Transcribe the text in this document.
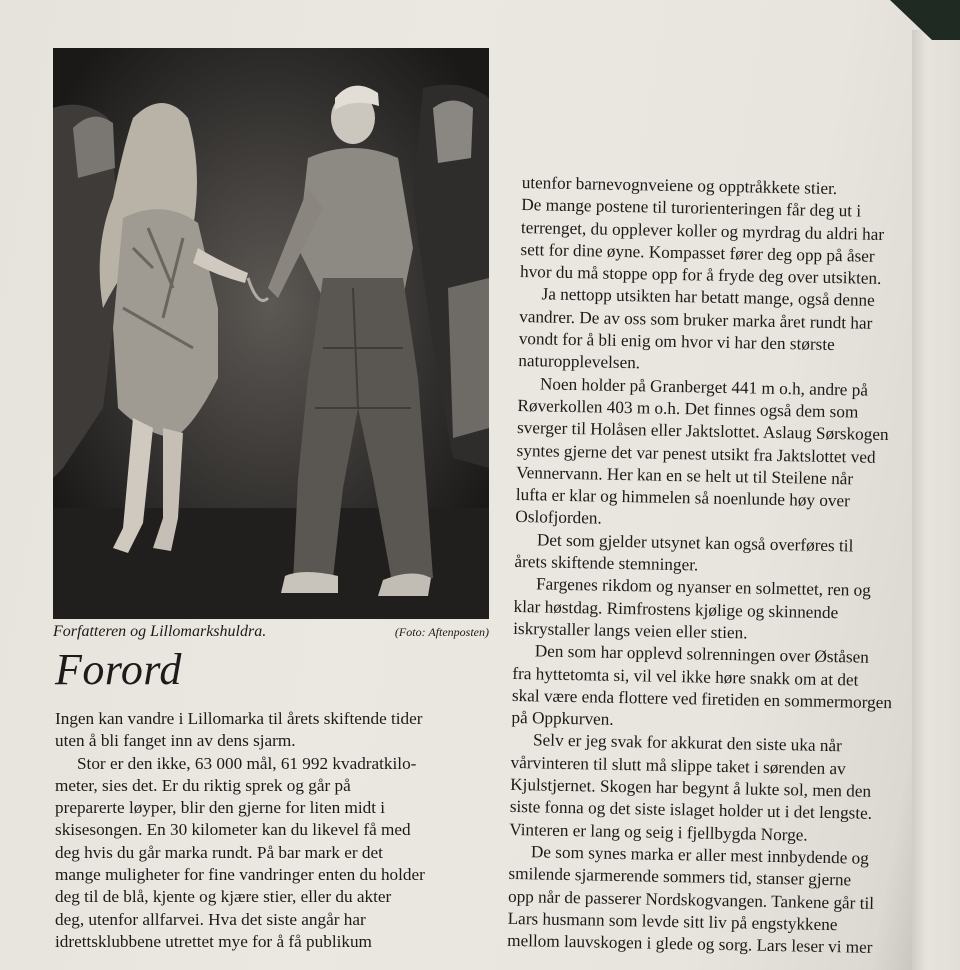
Forfatteren og Lillomarkshuldra.	(Foto: Aftenposten)
Forord
Ingen kan vandre i Lillomarka til årets skiftende tider
uten å bli fanget inn av dens sjarm.
Stor er den ikke, 63 000 mål, 61 992 kvadratkilo-
meter, sies det. Er du riktig sprek og går på
preparerte løyper, blir den gjerne for liten midt i
skisesongen. En 30 kilometer kan du likevel få med
deg hvis du går marka rundt. På bar mark er det
mange muligheter for fine vandringer enten du holder
deg til de blå, kjente og kjære stier, eller du akter
deg, utenfor allfarvei. Hva det siste angår har
idrettsklubbene utrettet mye for å få publikum
utenfor barnevognveiene og opptråkkete stier.
De mange postene til turorienteringen får deg ut i
terrenget, du opplever koller og myrdrag du aldri har
sett for dine øyne. Kompasset fører deg opp på åser
hvor du må stoppe opp for å fryde deg over utsikten.
Ja nettopp utsikten har betatt mange, også denne
vandrer. De av oss som bruker marka året rundt har
vondt for å bli enig om hvor vi har den største
naturopplevelsen.
Noen holder på Granberget 441 m o.h, andre på
Røverkollen 403 m o.h. Det finnes også dem som
sverger til Holåsen eller Jaktslottet. Aslaug Sørskogen
syntes gjerne det var penest utsikt fra Jaktslottet ved
Vennervann. Her kan en se helt ut til Steilene når
lufta er klar og himmelen så noenlunde høy over
Oslofjorden.
Det som gjelder utsynet kan også overføres til
årets skiftende stemninger.
Fargenes rikdom og nyanser en solmettet, ren og
klar høstdag. Rimfrostens kjølige og skinnende
iskrystaller langs veien eller stien.
Den som har opplevd solrenningen over Øståsen
fra hyttetomta si, vil vel ikke høre snakk om at det
skal være enda flottere ved firetiden en sommermorgen
på Oppkurven.
Selv er jeg svak for akkurat den siste uka når
vårvinteren til slutt må slippe taket i sørenden av
Kjulstjernet. Skogen har begynt å lukte sol, men den
siste fonna og det siste islaget holder ut i det lengste.
Vinteren er lang og seig i fjellbygda Norge.
De som synes marka er aller mest innbydende og
smilende sjarmerende sommers tid, stanser gjerne
opp når de passerer Nordskogvangen. Tankene går til
Lars husmann som levde sitt liv på engstykkene
mellom lauvskogen i glede og sorg. Lars leser vi mer
